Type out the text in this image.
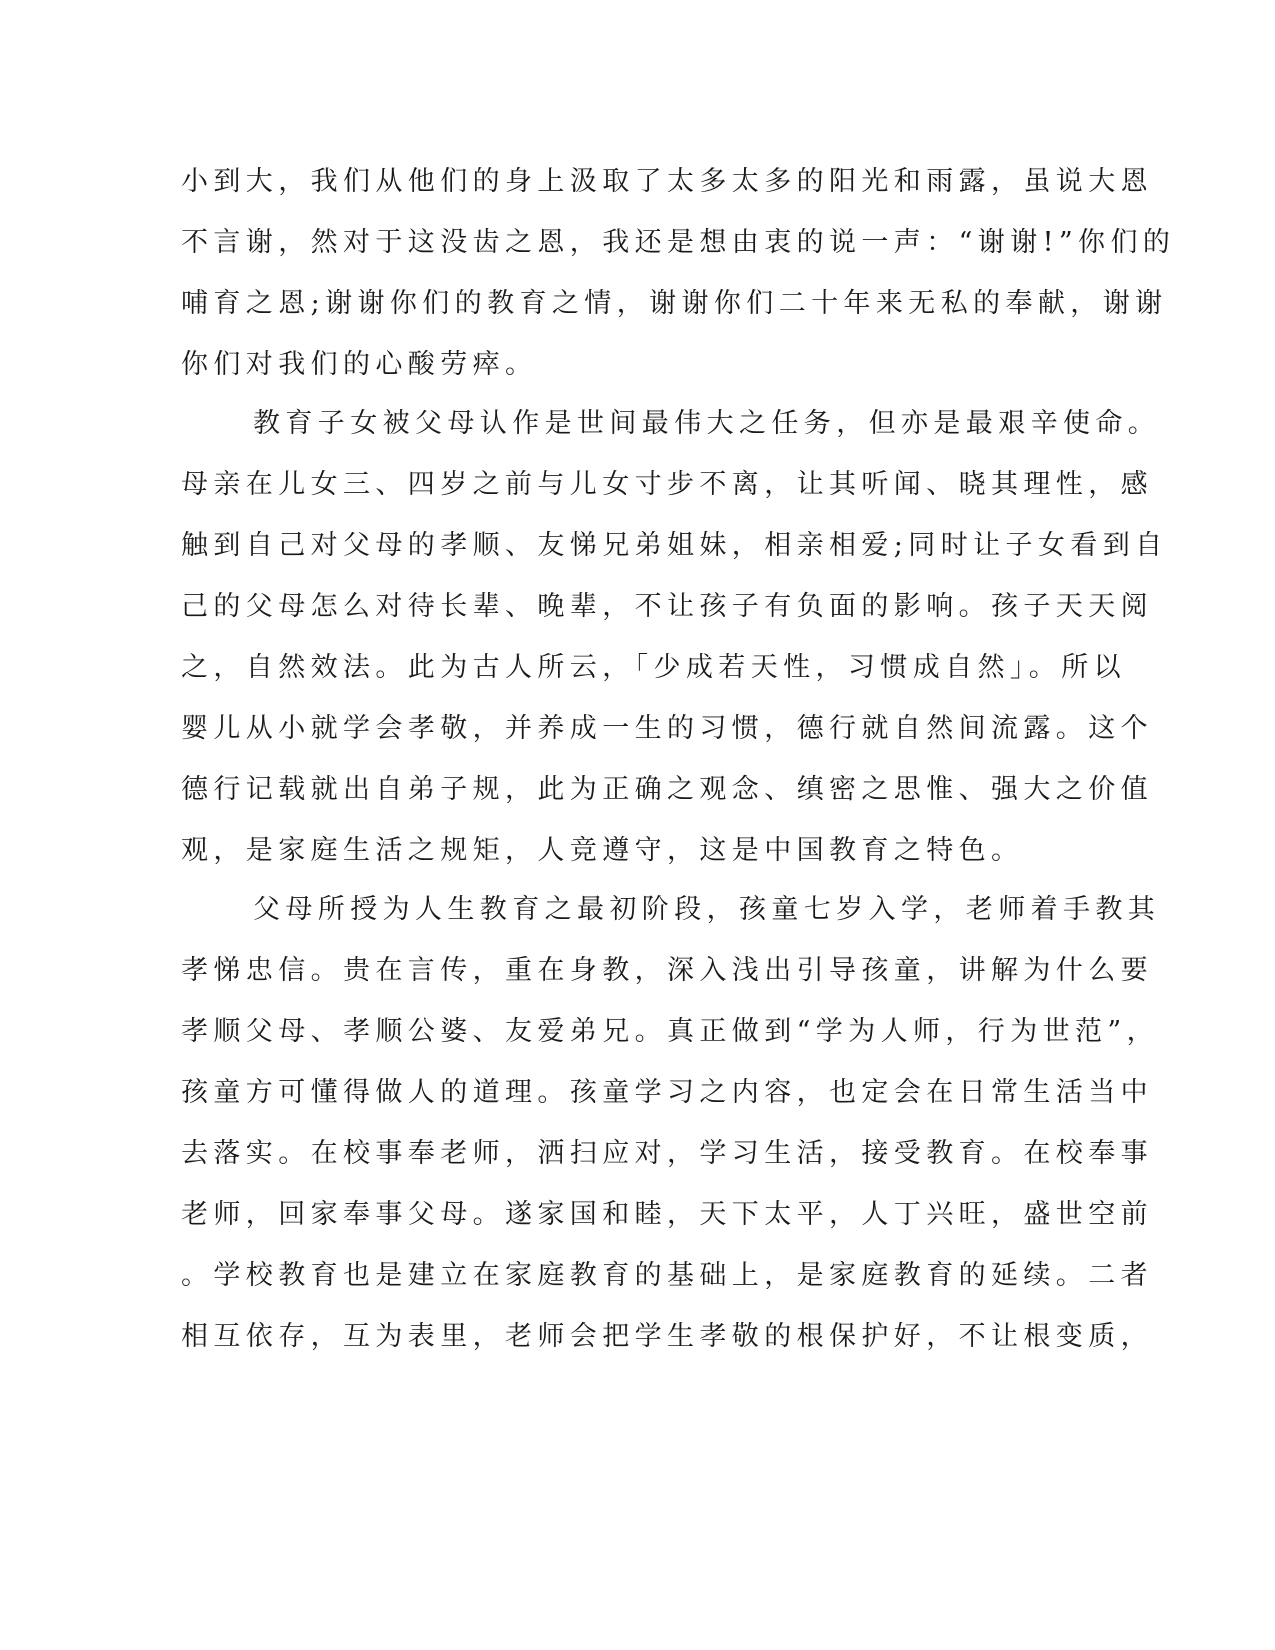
小到大，我们从他们的身上汲取了太多太多的阳光和雨露，虽说大恩
不言谢，然对于这没齿之恩，我还是想由衷的说一声：“谢谢!”你们的
哺育之恩;谢谢你们的教育之情，谢谢你们二十年来无私的奉献，谢谢
你们对我们的心酸劳瘁。
教育子女被父母认作是世间最伟大之任务，但亦是最艰辛使命。
母亲在儿女三、四岁之前与儿女寸步不离，让其听闻、晓其理性，感
触到自己对父母的孝顺、友悌兄弟姐妹，相亲相爱;同时让子女看到自
己的父母怎么对待长辈、晚辈，不让孩子有负面的影响。孩子天天阅
之，自然效法。此为古人所云，「少成若天性，习惯成自然」。所以
婴儿从小就学会孝敬，并养成一生的习惯，德行就自然间流露。这个
德行记载就出自弟子规，此为正确之观念、缜密之思惟、强大之价值
观，是家庭生活之规矩，人竞遵守，这是中国教育之特色。
父母所授为人生教育之最初阶段，孩童七岁入学，老师着手教其
孝悌忠信。贵在言传，重在身教，深入浅出引导孩童，讲解为什么要
孝顺父母、孝顺公婆、友爱弟兄。真正做到“学为人师，行为世范”，
孩童方可懂得做人的道理。孩童学习之内容，也定会在日常生活当中
去落实。在校事奉老师，洒扫应对，学习生活，接受教育。在校奉事
老师，回家奉事父母。遂家国和睦，天下太平，人丁兴旺，盛世空前
。学校教育也是建立在家庭教育的基础上，是家庭教育的延续。二者
相互依存，互为表里，老师会把学生孝敬的根保护好，不让根变质，
